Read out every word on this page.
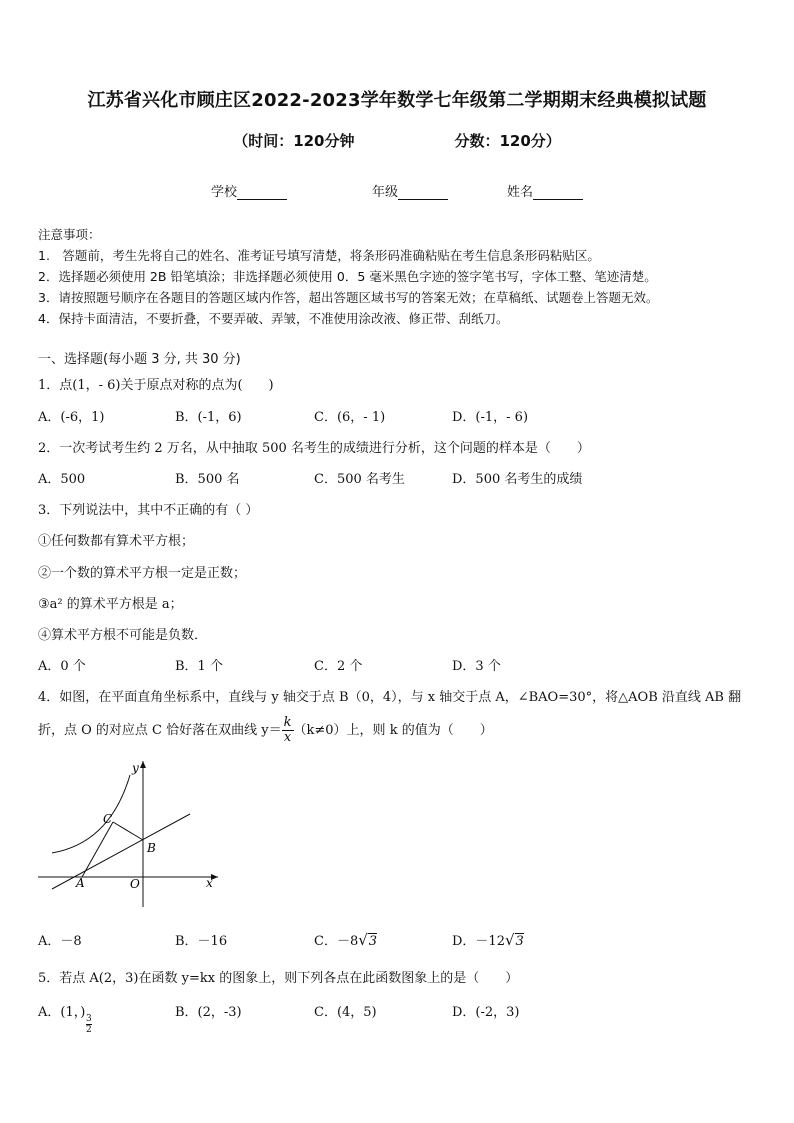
江苏省兴化市顾庄区2022-2023学年数学七年级第二学期期末经典模拟试题
（时间：120分钟	分数：120分）
学校	年级	姓名
注意事项：
1.　答题前，考生先将自己的姓名、准考证号填写清楚，将条形码准确粘贴在考生信息条形码粘贴区。
2．选择题必须使用 2B 铅笔填涂；非选择题必须使用 0．5 毫米黑色字迹的签字笔书写，字体工整、笔迹清楚。
3．请按照题号顺序在各题目的答题区域内作答，超出答题区域书写的答案无效；在草稿纸、试题卷上答题无效。
4．保持卡面清洁，不要折叠，不要弄破、弄皱，不准使用涂改液、修正带、刮纸刀。
一、选择题(每小题 3 分, 共 30 分)
1．点(1，- 6)关于原点对称的点为(　　)
A．(-6，1)	B．(-1，6)	C．(6，- 1)	D．(-1，- 6)
2．一次考试考生约 2 万名，从中抽取 500 名考生的成绩进行分析，这个问题的样本是（　　）
A．500	B．500 名	C．500 名考生	D．500 名考生的成绩
3．下列说法中，其中不正确的有（ ）
①任何数都有算术平方根；
②一个数的算术平方根一定是正数；
③a² 的算术平方根是 a；
④算术平方根不可能是负数．
A．0 个	B．1 个	C．2 个	D．3 个
4．如图，在平面直角坐标系中，直线与 y 轴交于点 B（0，4），与 x 轴交于点 A，∠BAO=30°，将△AOB 沿直线 AB 翻
折，点 O 的对应点 C 恰好落在双曲线 $y= \frac{k}{x} (k\ne 0)$上，则 k 的值为（　　）
y
x
C
B
A	O
A．－8	B．－16	C．－8√3	D．－12√3
5．若点 A(2，3)在函数 y=kx 的图象上，则下列各点在此函数图象上的是（　　）
A．(1，)
$\frac{3}{2}$
B．(2，-3)	C．(4，5)	D．(-2，3)
